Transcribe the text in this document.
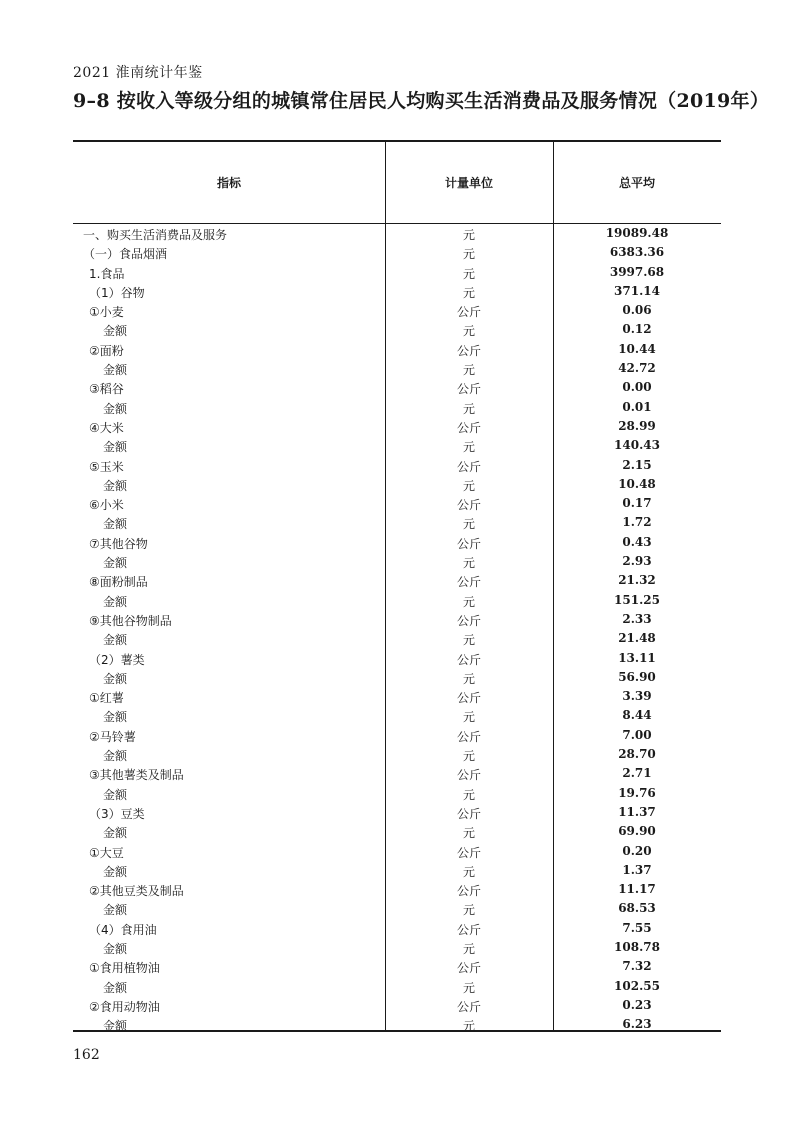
2021 淮南统计年鉴
9–8 按收入等级分组的城镇常住居民人均购买生活消费品及服务情况（2019年）
指标	计量单位	总平均
一、购买生活消费品及服务	元	19089.48
（一）食品烟酒	元	6383.36
1.食品	元	3997.68
（1）谷物	元	371.14
①小麦	公斤	0.06
金额	元	0.12
②面粉	公斤	10.44
金额	元	42.72
③稻谷	公斤	0.00
金额	元	0.01
④大米	公斤	28.99
金额	元	140.43
⑤玉米	公斤	2.15
金额	元	10.48
⑥小米	公斤	0.17
金额	元	1.72
⑦其他谷物	公斤	0.43
金额	元	2.93
⑧面粉制品	公斤	21.32
金额	元	151.25
⑨其他谷物制品	公斤	2.33
金额	元	21.48
（2）薯类	公斤	13.11
金额	元	56.90
①红薯	公斤	3.39
金额	元	8.44
②马铃薯	公斤	7.00
金额	元	28.70
③其他薯类及制品	公斤	2.71
金额	元	19.76
（3）豆类	公斤	11.37
金额	元	69.90
①大豆	公斤	0.20
金额	元	1.37
②其他豆类及制品	公斤	11.17
金额	元	68.53
（4）食用油	公斤	7.55
金额	元	108.78
①食用植物油	公斤	7.32
金额	元	102.55
②食用动物油	公斤	0.23
金额	元	6.23
162
